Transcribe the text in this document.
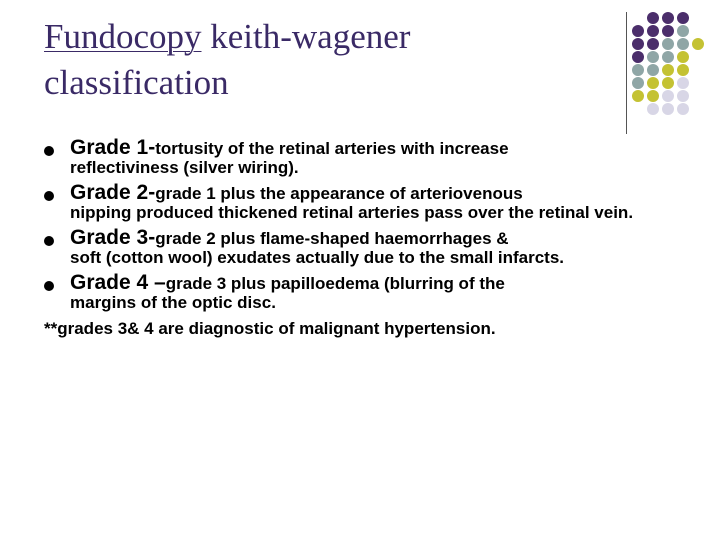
Fundocopy keith-wagener
classification
Grade 1-tortusity of the retinal arteries with increase
reflectiviness (silver wiring).
Grade 2-grade 1 plus the appearance of arteriovenous
nipping produced thickened retinal arteries pass over the retinal vein.
Grade 3-grade 2 plus flame-shaped haemorrhages &
soft (cotton wool) exudates actually due to the small infarcts.
Grade 4 –grade 3 plus papilloedema (blurring of the
margins of the optic disc.
**grades 3& 4 are diagnostic of malignant hypertension.
